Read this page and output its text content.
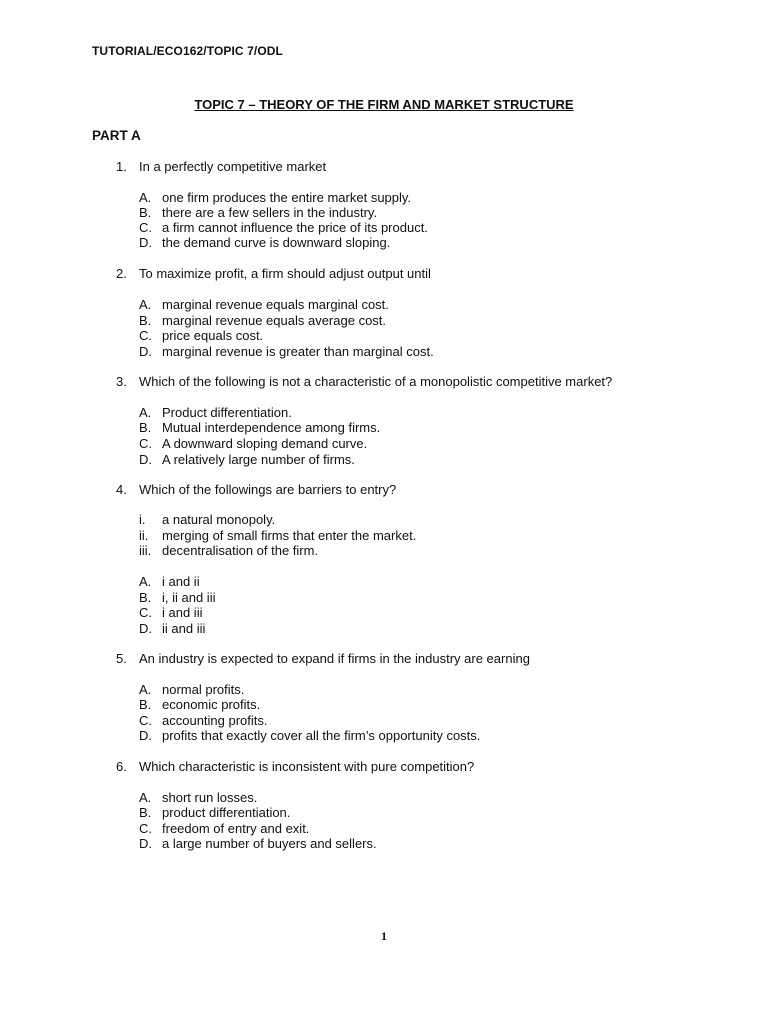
TUTORIAL/ECO162/TOPIC 7/ODL
TOPIC 7 – THEORY OF THE FIRM AND MARKET STRUCTURE
PART A
1. In a perfectly competitive market
A. one firm produces the entire market supply.
B. there are a few sellers in the industry.
C. a firm cannot influence the price of its product.
D. the demand curve is downward sloping.
2. To maximize profit, a firm should adjust output until
A. marginal revenue equals marginal cost.
B. marginal revenue equals average cost.
C. price equals cost.
D. marginal revenue is greater than marginal cost.
3. Which of the following is not a characteristic of a monopolistic competitive market?
A. Product differentiation.
B. Mutual interdependence among firms.
C. A downward sloping demand curve.
D. A relatively large number of firms.
4. Which of the followings are barriers to entry?
i. a natural monopoly.
ii. merging of small firms that enter the market.
iii. decentralisation of the firm.
A. i and ii
B. i, ii and iii
C. i and iii
D. ii and iii
5. An industry is expected to expand if firms in the industry are earning
A. normal profits.
B. economic profits.
C. accounting profits.
D. profits that exactly cover all the firm’s opportunity costs.
6. Which characteristic is inconsistent with pure competition?
A. short run losses.
B. product differentiation.
C. freedom of entry and exit.
D. a large number of buyers and sellers.
1
